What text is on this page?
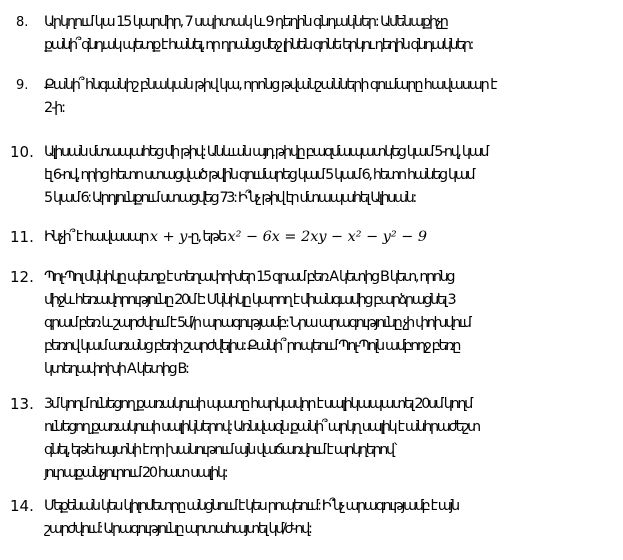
8. Արկղում կա 15 կարմիր, 7 սպիտակ և 9 դեղին գնդակներ: Ամենաքիչը
քանի՞ գնդակ պետք է հանել, որ դրանց մեջ լինեն գոնե երկու դեղին գնդակներ:
9. Քանի՞ հնգանիշ բնական թիվ կա, որոնց թվանշանների գումարը հավասար է
2-ի:
10. Ալիսան մտապահեց մի թիվ: Անևան այդ թիվը բազմապատկեց կամ 5-ով, կամ
էլ 6-ով, որից հետո ստացված թվին գումարեց կամ 5 կամ 6, հետո հանեց կամ
5 կամ 6: Արդյունքում ստացվեց 73: Ի՞նչ թիվ էր մտապահել Ալիսան:
11. Ինչի՞ է հավասար x + y-ը, եթե x² − 6x = 2xy − x² − y² − 9
12. Պոլ-Պոլ մկնիկը պետք է տեղափոխեր 15 գրամ բեռ A կետից B կետ, որոնց
միջև հեռավորությունը 20մ է: Մկնիկը կարող է միանգամից բարձրացնել 3
գրամ բեռ և շարժվում է 5մ/ր արագությամբ: Նրա արագությունը չի փոխվում
բեռով կամ առանց բեռի շարժվելիս: Քանի՞ րոպեում Պոլ-Պոլն ամբողջ բեռը
կտեղափոխի A կետից B:
13. 3մ կողմ ունեցող քառակուսի պատը հարկավոր է սալիկապատել 20սմ կողմ
ունեցող քառակուսի սալիկներով: Առնվազն քանի՞ արկղ սալիկ է անհրաժեշտ
գնել, եթե հայտնի է որ խանութում այն վաճառվում է արկղերով`
յուրաքանչյուրում 20 հատ սալիկ:
14. Մեքենան կես կիլոմետրը անցնում է կես րոպեում: Ի՞նչ արագությամբ է այն
շարժվում: Արագությունը արտահայտել կմ/ժ-ով:
